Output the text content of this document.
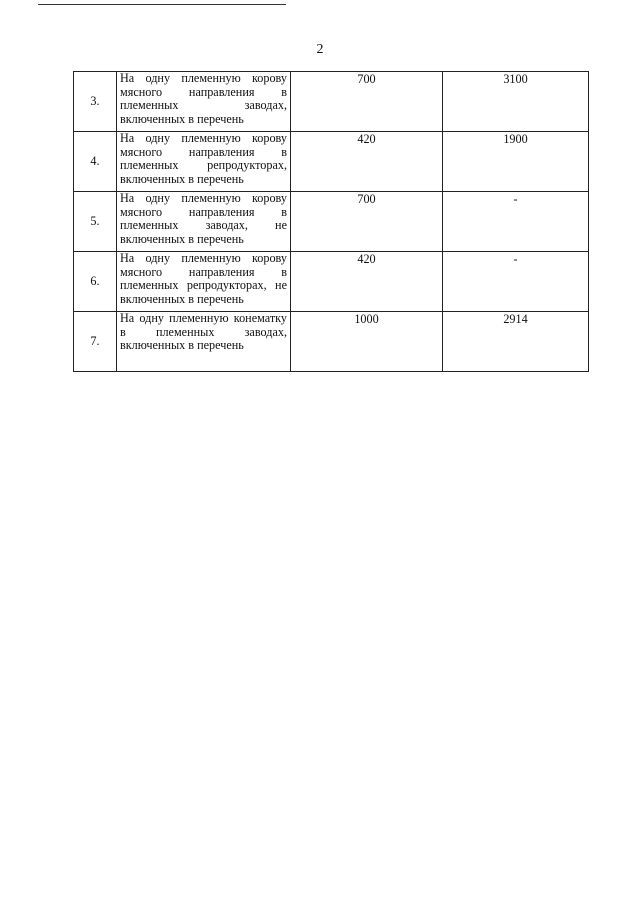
2
3.	На одну племенную корову мясного направления в племенных заводах, включенных в перечень	700	3100
4.	На одну племенную корову мясного направления в племенных репродукторах, включенных в перечень	420	1900
5.	На одну племенную корову мясного направления в племенных заводах, не включенных в перечень	700	-
6.	На одну племенную корову мясного направления в племенных репродукторах, не включенных в перечень	420	-
7.	На одну племенную конематку в племенных заводах, включенных в перечень	1000	2914
